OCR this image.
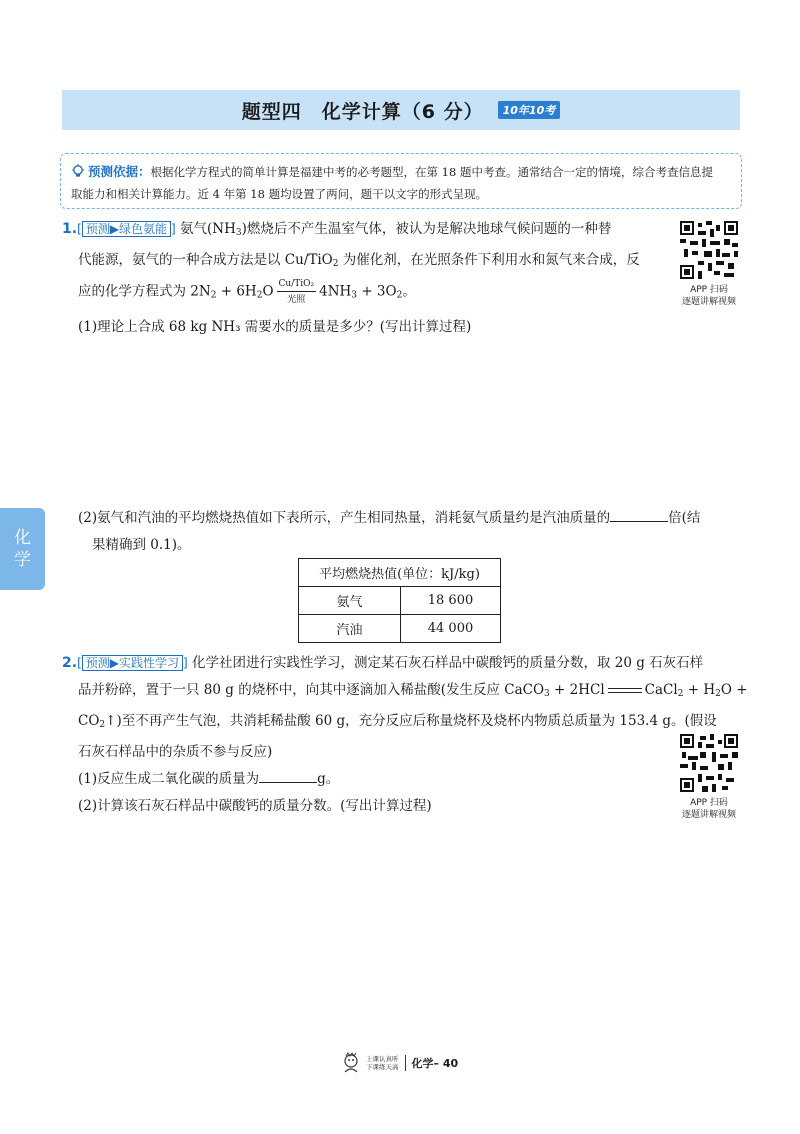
题型四　化学计算（6 分）	10年10考
预测依据：根据化学方程式的简单计算是福建中考的必考题型，在第 18 题中考查。通常结合一定的情境，综合考查信息提
取能力和相关计算能力。近 4 年第 18 题均设置了两问，题干以文字的形式呈现。
1.[ 预测▶绿色氨能 ] 氨气$(NH_3)$燃烧后不产生温室气体，被认为是解决地球气候问题的一种替
代能源，氨气的一种合成方法是以 Cu/TiO$_2$ 为催化剂，在光照条件下利用水和氮气来合成，反
应的化学方程式为 $2N_2 + 6H_2O \frac{\text{Cu/TiO₂}}{\text{光照}} 4NH_3 + 3O_2$。
(1)理论上合成 68 kg NH₃ 需要水的质量是多少？(写出计算过程)
APP 扫码
逐题讲解视频
化
学
(2)氨气和汽油的平均燃烧热值如下表所示，产生相同热量，消耗氨气质量约是汽油质量的	倍(结
果精确到 0.1)。
平均燃烧热值(单位：kJ/kg)	
氨气	18 600
汽油	44 000
2.[ 预测▶实践性学习 ] 化学社团进行实践性学习，测定某石灰石样品中碳酸钙的质量分数，取 20 g 石灰石样
品并粉碎，置于一只 80 g 的烧杯中，向其中逐滴加入稀盐酸(发生反应 CaCO$_3$ + 2HCl	CaCl$_2$ + $H_2O$ +
$CO_2↑$)至不再产生气泡，共消耗稀盐酸 60 g，充分反应后称量烧杯及烧杯内物质总质量为 153.4 g。(假设
石灰石样品中的杂质不参与反应)
(1)反应生成二氧化碳的质量为	g。
(2)计算该石灰石样品中碳酸钙的质量分数。(写出计算过程)	APP 扫码
逐题讲解视频
上课认真听
下课练天高 化学 – 40
